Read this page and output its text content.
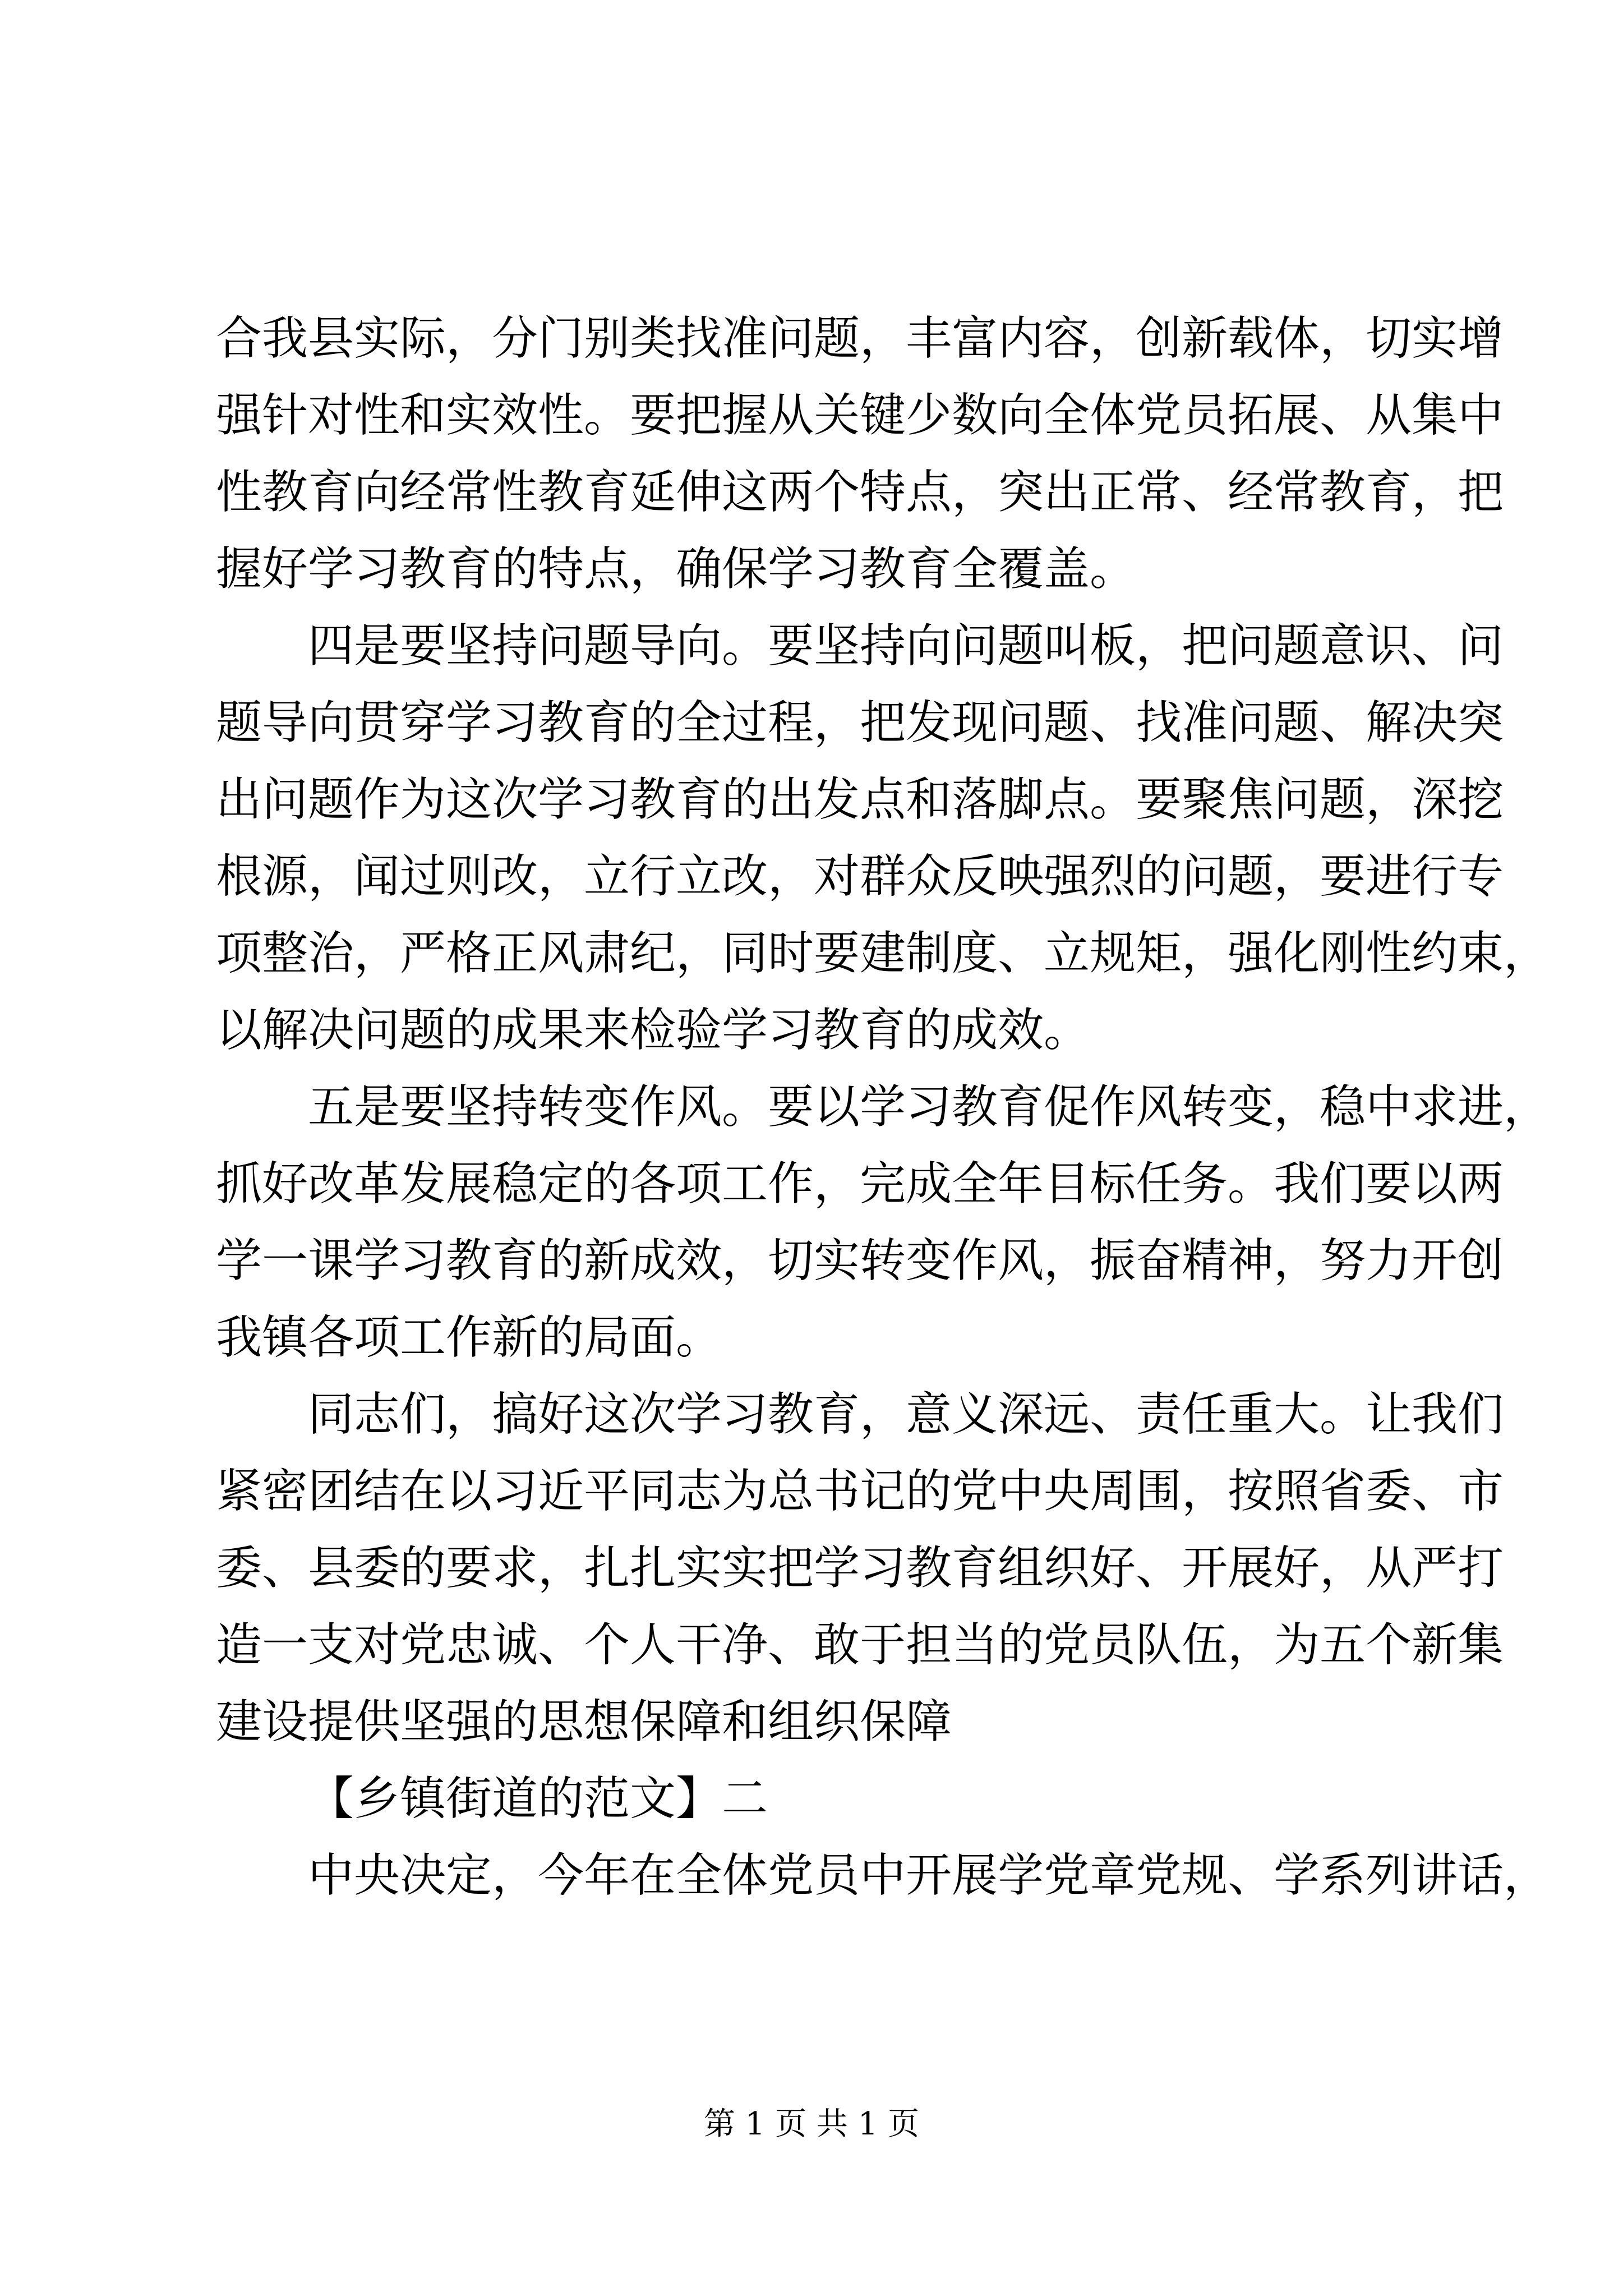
合我县实际，分门别类找准问题，丰富内容，创新载体，切实增
强针对性和实效性。要把握从关键少数向全体党员拓展、从集中
性教育向经常性教育延伸这两个特点，突出正常、经常教育，把
握好学习教育的特点，确保学习教育全覆盖。
四是要坚持问题导向。要坚持向问题叫板，把问题意识、问
题导向贯穿学习教育的全过程，把发现问题、找准问题、解决突
出问题作为这次学习教育的出发点和落脚点。要聚焦问题，深挖
根源，闻过则改，立行立改，对群众反映强烈的问题，要进行专
项整治，严格正风肃纪，同时要建制度、立规矩，强化刚性约束，
以解决问题的成果来检验学习教育的成效。
五是要坚持转变作风。要以学习教育促作风转变，稳中求进，
抓好改革发展稳定的各项工作，完成全年目标任务。我们要以两
学一课学习教育的新成效，切实转变作风，振奋精神，努力开创
我镇各项工作新的局面。
同志们，搞好这次学习教育，意义深远、责任重大。让我们
紧密团结在以习近平同志为总书记的党中央周围，按照省委、市
委、县委的要求，扎扎实实把学习教育组织好、开展好，从严打
造一支对党忠诚、个人干净、敢于担当的党员队伍，为五个新集
建设提供坚强的思想保障和组织保障
【乡镇街道的范文】二
中央决定，今年在全体党员中开展学党章党规、学系列讲话，
第 1 页 共 1 页
